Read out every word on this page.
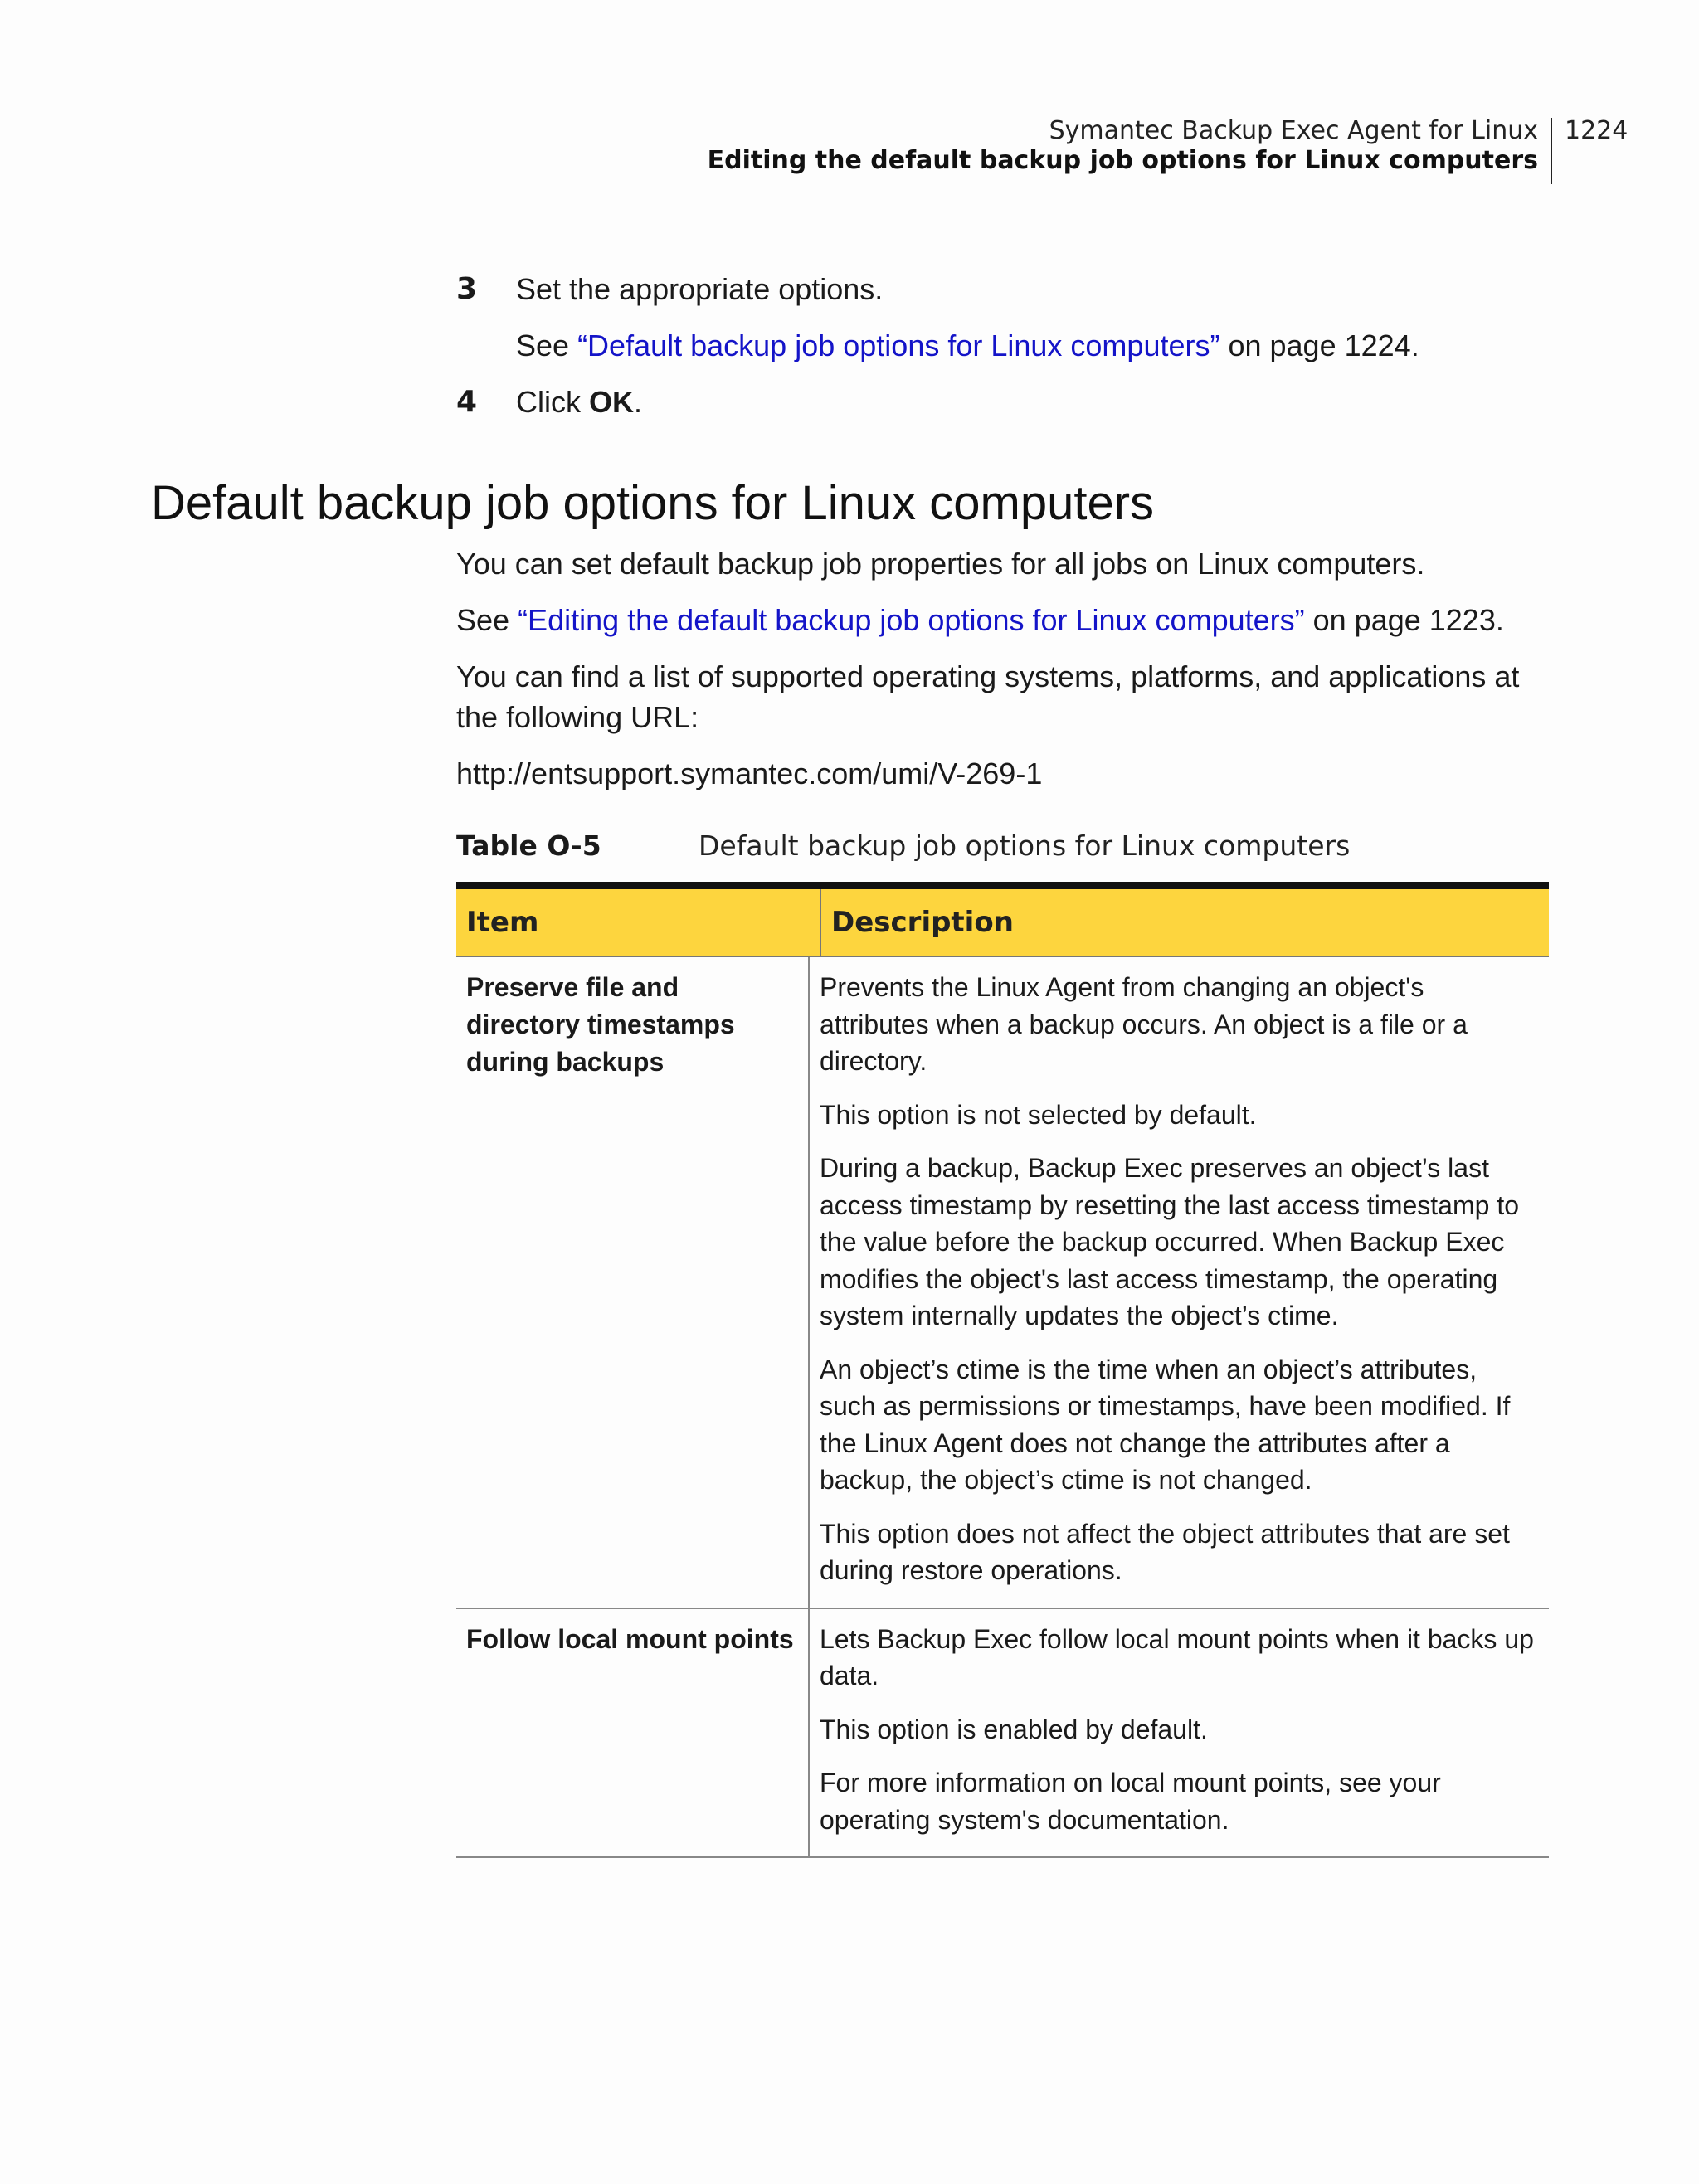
Symantec Backup Exec Agent for Linux
Editing the default backup job options for Linux computers
1224
3 Set the appropriate options.
See “Default backup job options for Linux computers” on page 1224.
4 Click OK.
Default backup job options for Linux computers
You can set default backup job properties for all jobs on Linux computers.
See “Editing the default backup job options for Linux computers” on page 1223.
You can find a list of supported operating systems, platforms, and applications at the following URL:
http://entsupport.symantec.com/umi/V-269-1
Table O-5	Default backup job options for Linux computers
Item	Description
Preserve file and directory timestamps during backups

Prevents the Linux Agent from changing an object's attributes when a backup occurs. An object is a file or a directory.

This option is not selected by default.

During a backup, Backup Exec preserves an object’s last access timestamp by resetting the last access timestamp to the value before the backup occurred. When Backup Exec modifies the object's last access timestamp, the operating system internally updates the object’s ctime.

An object’s ctime is the time when an object’s attributes, such as permissions or timestamps, have been modified. If the Linux Agent does not change the attributes after a backup, the object’s ctime is not changed.

This option does not affect the object attributes that are set during restore operations.

Follow local mount points Lets Backup Exec follow local mount points when it backs up data.

This option is enabled by default.

For more information on local mount points, see your operating system's documentation.
